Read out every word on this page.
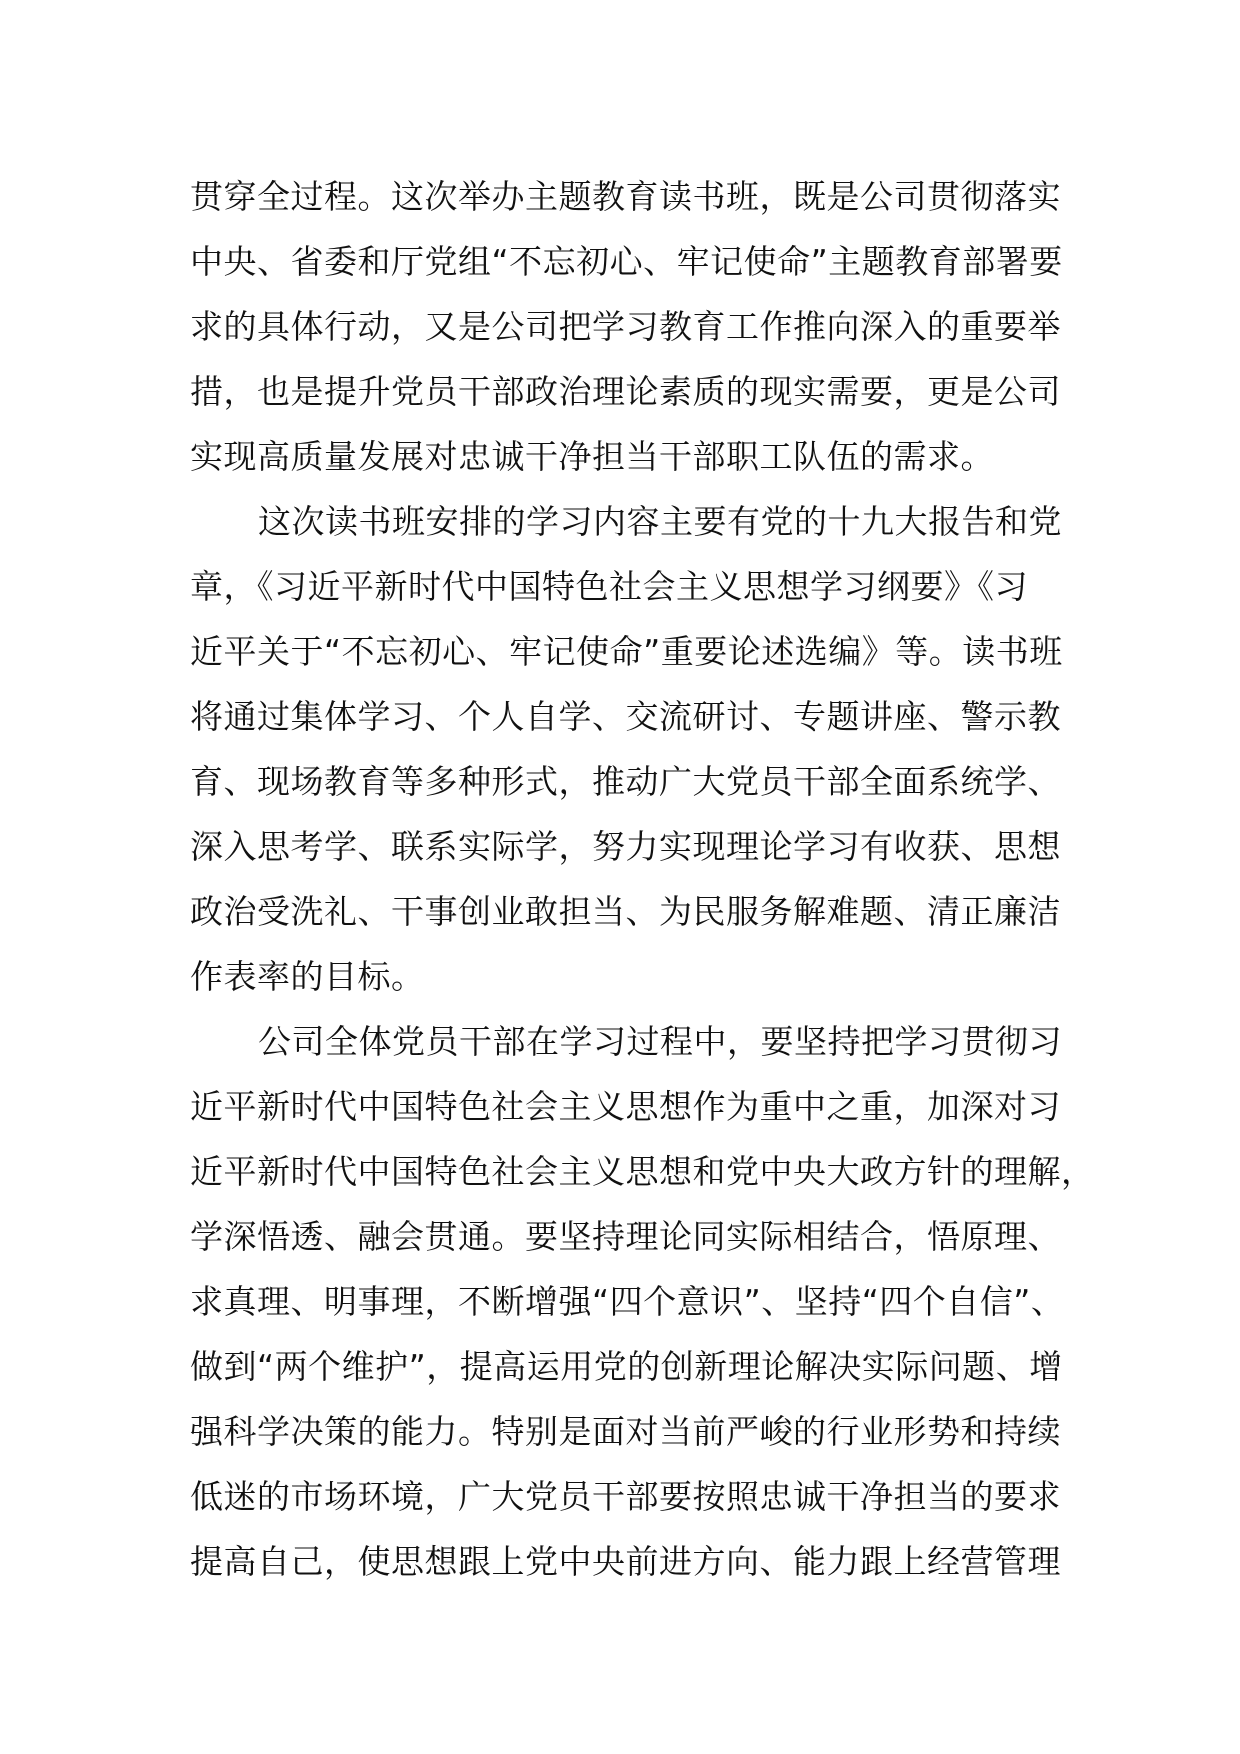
贯穿全过程。这次举办主题教育读书班，既是公司贯彻落实
中央、省委和厅党组“不忘初心、牢记使命”主题教育部署要
求的具体行动，又是公司把学习教育工作推向深入的重要举
措，也是提升党员干部政治理论素质的现实需要，更是公司
实现高质量发展对忠诚干净担当干部职工队伍的需求。
这次读书班安排的学习内容主要有党的十九大报告和党
章，《习近平新时代中国特色社会主义思想学习纲要》《习
近平关于“不忘初心、牢记使命”重要论述选编》等。读书班
将通过集体学习、个人自学、交流研讨、专题讲座、警示教
育、现场教育等多种形式，推动广大党员干部全面系统学、
深入思考学、联系实际学，努力实现理论学习有收获、思想
政治受洗礼、干事创业敢担当、为民服务解难题、清正廉洁
作表率的目标。
公司全体党员干部在学习过程中，要坚持把学习贯彻习
近平新时代中国特色社会主义思想作为重中之重，加深对习
近平新时代中国特色社会主义思想和党中央大政方针的理解，
学深悟透、融会贯通。要坚持理论同实际相结合，悟原理、
求真理、明事理，不断增强“四个意识”、坚持“四个自信”、
做到“两个维护”，提高运用党的创新理论解决实际问题、增
强科学决策的能力。特别是面对当前严峻的行业形势和持续
低迷的市场环境，广大党员干部要按照忠诚干净担当的要求
提高自己，使思想跟上党中央前进方向、能力跟上经营管理
